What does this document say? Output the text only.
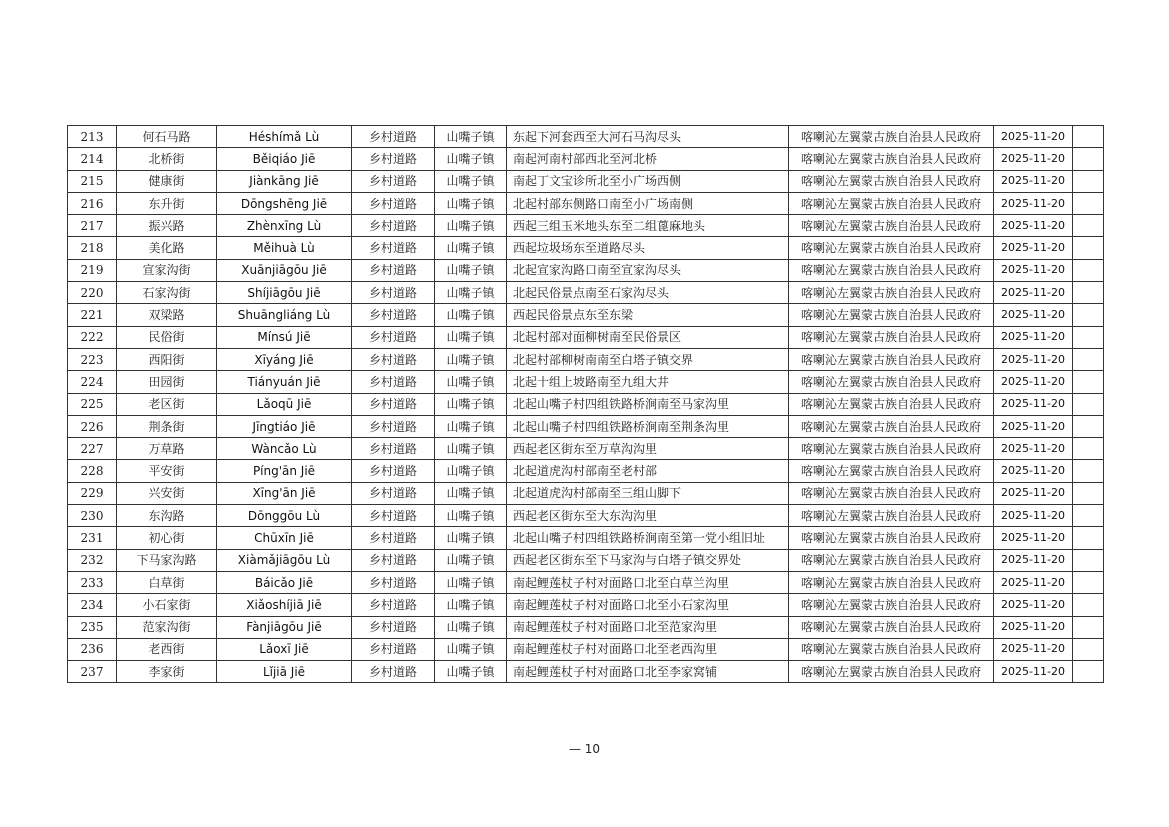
213	何石马路	Héshímǎ Lù	乡村道路	山嘴子镇	东起下河套西至大河石马沟尽头	喀喇沁左翼蒙古族自治县人民政府	2025-11-20	
214	北桥街	Běiqiáo Jiē	乡村道路	山嘴子镇	南起河南村部西北至河北桥	喀喇沁左翼蒙古族自治县人民政府	2025-11-20	
215	健康街	Jiànkāng Jiē	乡村道路	山嘴子镇	南起丁文宝诊所北至小广场西侧	喀喇沁左翼蒙古族自治县人民政府	2025-11-20	
216	东升街	Dōngshēng Jiē	乡村道路	山嘴子镇	北起村部东侧路口南至小广场南侧	喀喇沁左翼蒙古族自治县人民政府	2025-11-20	
217	振兴路	Zhènxīng Lù	乡村道路	山嘴子镇	西起三组玉米地头东至二组蓖麻地头	喀喇沁左翼蒙古族自治县人民政府	2025-11-20	
218	美化路	Měihuà Lù	乡村道路	山嘴子镇	西起垃圾场东至道路尽头	喀喇沁左翼蒙古族自治县人民政府	2025-11-20	
219	宣家沟街	Xuānjiāgōu Jiē	乡村道路	山嘴子镇	北起宣家沟路口南至宣家沟尽头	喀喇沁左翼蒙古族自治县人民政府	2025-11-20	
220	石家沟街	Shíjiāgōu Jiē	乡村道路	山嘴子镇	北起民俗景点南至石家沟尽头	喀喇沁左翼蒙古族自治县人民政府	2025-11-20	
221	双梁路	Shuāngliáng Lù	乡村道路	山嘴子镇	西起民俗景点东至东梁	喀喇沁左翼蒙古族自治县人民政府	2025-11-20	
222	民俗街	Mínsú Jiē	乡村道路	山嘴子镇	北起村部对面柳树南至民俗景区	喀喇沁左翼蒙古族自治县人民政府	2025-11-20	
223	西阳街	Xīyáng Jiē	乡村道路	山嘴子镇	北起村部柳树南南至白塔子镇交界	喀喇沁左翼蒙古族自治县人民政府	2025-11-20	
224	田园街	Tiányuán Jiē	乡村道路	山嘴子镇	北起十组上坡路南至九组大井	喀喇沁左翼蒙古族自治县人民政府	2025-11-20	
225	老区街	Lǎoqū Jiē	乡村道路	山嘴子镇	北起山嘴子村四组铁路桥涧南至马家沟里	喀喇沁左翼蒙古族自治县人民政府	2025-11-20	
226	荆条街	Jīngtiáo Jiē	乡村道路	山嘴子镇	北起山嘴子村四组铁路桥涧南至荆条沟里	喀喇沁左翼蒙古族自治县人民政府	2025-11-20	
227	万草路	Wàncǎo Lù	乡村道路	山嘴子镇	西起老区街东至万草沟沟里	喀喇沁左翼蒙古族自治县人民政府	2025-11-20	
228	平安街	Píng'ān Jiē	乡村道路	山嘴子镇	北起道虎沟村部南至老村部	喀喇沁左翼蒙古族自治县人民政府	2025-11-20	
229	兴安街	Xīng'ān Jiē	乡村道路	山嘴子镇	北起道虎沟村部南至三组山脚下	喀喇沁左翼蒙古族自治县人民政府	2025-11-20	
230	东沟路	Dōnggōu Lù	乡村道路	山嘴子镇	西起老区街东至大东沟沟里	喀喇沁左翼蒙古族自治县人民政府	2025-11-20	
231	初心街	Chūxīn Jiē	乡村道路	山嘴子镇	北起山嘴子村四组铁路桥涧南至第一党小组旧址	喀喇沁左翼蒙古族自治县人民政府	2025-11-20	
232	下马家沟路	Xiàmǎjiāgōu Lù	乡村道路	山嘴子镇	西起老区街东至下马家沟与白塔子镇交界处	喀喇沁左翼蒙古族自治县人民政府	2025-11-20	
233	白草街	Báicǎo Jiē	乡村道路	山嘴子镇	南起鲤莲杖子村对面路口北至白草兰沟里	喀喇沁左翼蒙古族自治县人民政府	2025-11-20	
234	小石家街	Xiǎoshíjiā Jiē	乡村道路	山嘴子镇	南起鲤莲杖子村对面路口北至小石家沟里	喀喇沁左翼蒙古族自治县人民政府	2025-11-20	
235	范家沟街	Fànjiāgōu Jiē	乡村道路	山嘴子镇	南起鲤莲杖子村对面路口北至范家沟里	喀喇沁左翼蒙古族自治县人民政府	2025-11-20	
236	老西街	Lǎoxī Jiē	乡村道路	山嘴子镇	南起鲤莲杖子村对面路口北至老西沟里	喀喇沁左翼蒙古族自治县人民政府	2025-11-20	
237	李家街	Lǐjiā Jiē	乡村道路	山嘴子镇	南起鲤莲杖子村对面路口北至李家窝铺	喀喇沁左翼蒙古族自治县人民政府	2025-11-20	
— 10
